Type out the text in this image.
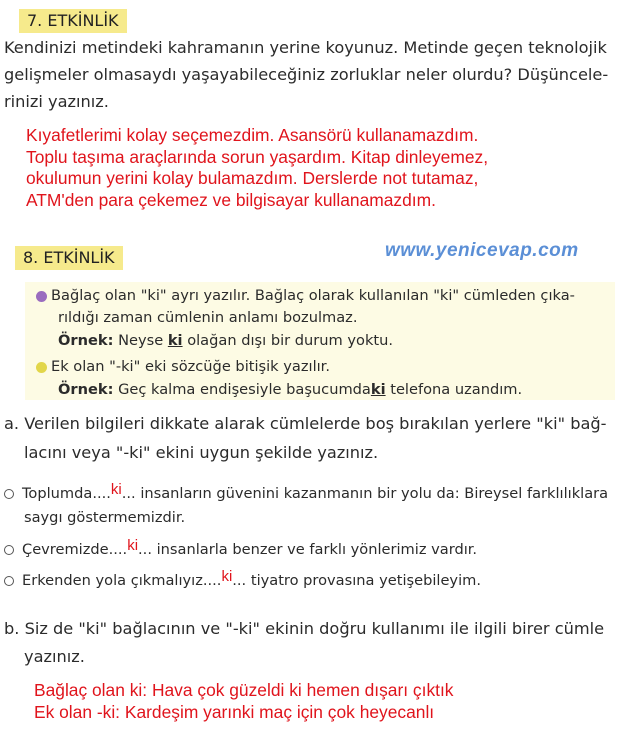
7. ETKİNLİK
Kendinizi metindeki kahramanın yerine koyunuz. Metinde geçen teknolojik
gelişmeler olmasaydı yaşayabileceğiniz zorluklar neler olurdu? Düşüncele-
rinizi yazınız.
Kıyafetlerimi kolay seçemezdim. Asansörü kullanamazdım.
Toplu taşıma araçlarında sorun yaşardım. Kitap dinleyemez,
okulumun yerini kolay bulamazdım. Derslerde not tutamaz,
ATM'den para çekemez ve bilgisayar kullanamazdım.
8. ETKİNLİK	www.yenicevap.com
Bağlaç olan "ki" ayrı yazılır. Bağlaç olarak kullanılan "ki" cümleden çıka-
rıldığı zaman cümlenin anlamı bozulmaz.
Örnek: Neyse ki olağan dışı bir durum yoktu.
Ek olan "-ki" eki sözcüğe bitişik yazılır.
Örnek: Geç kalma endişesiyle başucumdaki telefona uzandım.
a. Verilen bilgileri dikkate alarak cümlelerde boş bırakılan yerlere "ki" bağ-
lacını veya "-ki" ekini uygun şekilde yazınız.
Toplumda....ki... insanların güvenini kazanmanın bir yolu da: Bireysel farklılıklara
saygı göstermemizdir.
Çevremizde....ki... insanlarla benzer ve farklı yönlerimiz vardır.
Erkenden yola çıkmalıyız....ki... tiyatro provasına yetişebileyim.
b. Siz de "ki" bağlacının ve "-ki" ekinin doğru kullanımı ile ilgili birer cümle
yazınız.
Bağlaç olan ki: Hava çok güzeldi ki hemen dışarı çıktık
Ek olan -ki: Kardeşim yarınki maç için çok heyecanlı
